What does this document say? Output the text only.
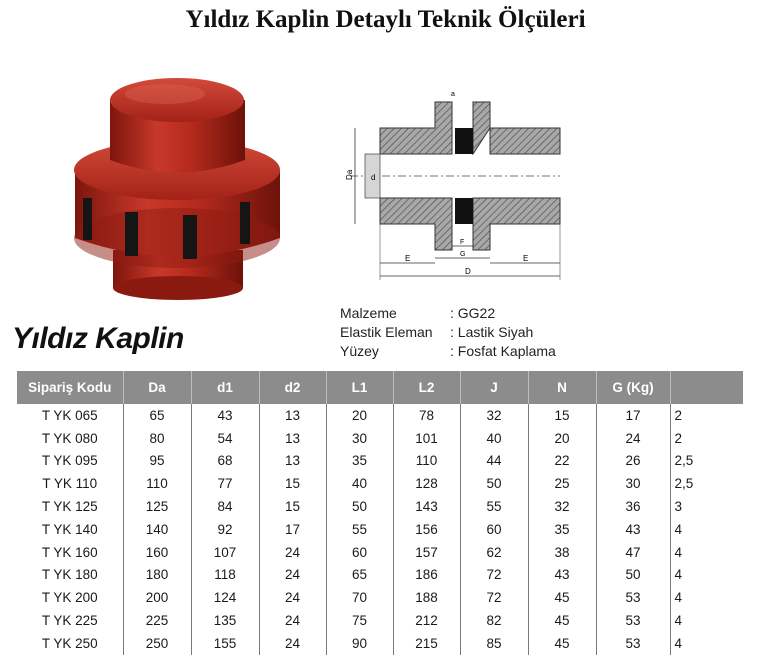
Yıldız Kaplin Detaylı Teknik Ölçüleri
Da d
a
E	E
F
G
D
Malzeme	: GG22
Elastik Eleman	: Lastik Siyah
Yüzey	: Fosfat Kaplama
Yıldız Kaplin
Sipariş Kodu	Da	d1	d2	L1	L2	J	N	G (Kg)	
T YK 065	65	43	13	20	78	32	15	17	2
T YK 080	80	54	13	30	101	40	20	24	2
T YK 095	95	68	13	35	110	44	22	26	2,5
T YK 110	110	77	15	40	128	50	25	30	2,5
T YK 125	125	84	15	50	143	55	32	36	3
T YK 140	140	92	17	55	156	60	35	43	4
T YK 160	160	107	24	60	157	62	38	47	4
T YK 180	180	118	24	65	186	72	43	50	4
T YK 200	200	124	24	70	188	72	45	53	4
T YK 225	225	135	24	75	212	82	45	53	4
T YK 250	250	155	24	90	215	85	45	53	4
